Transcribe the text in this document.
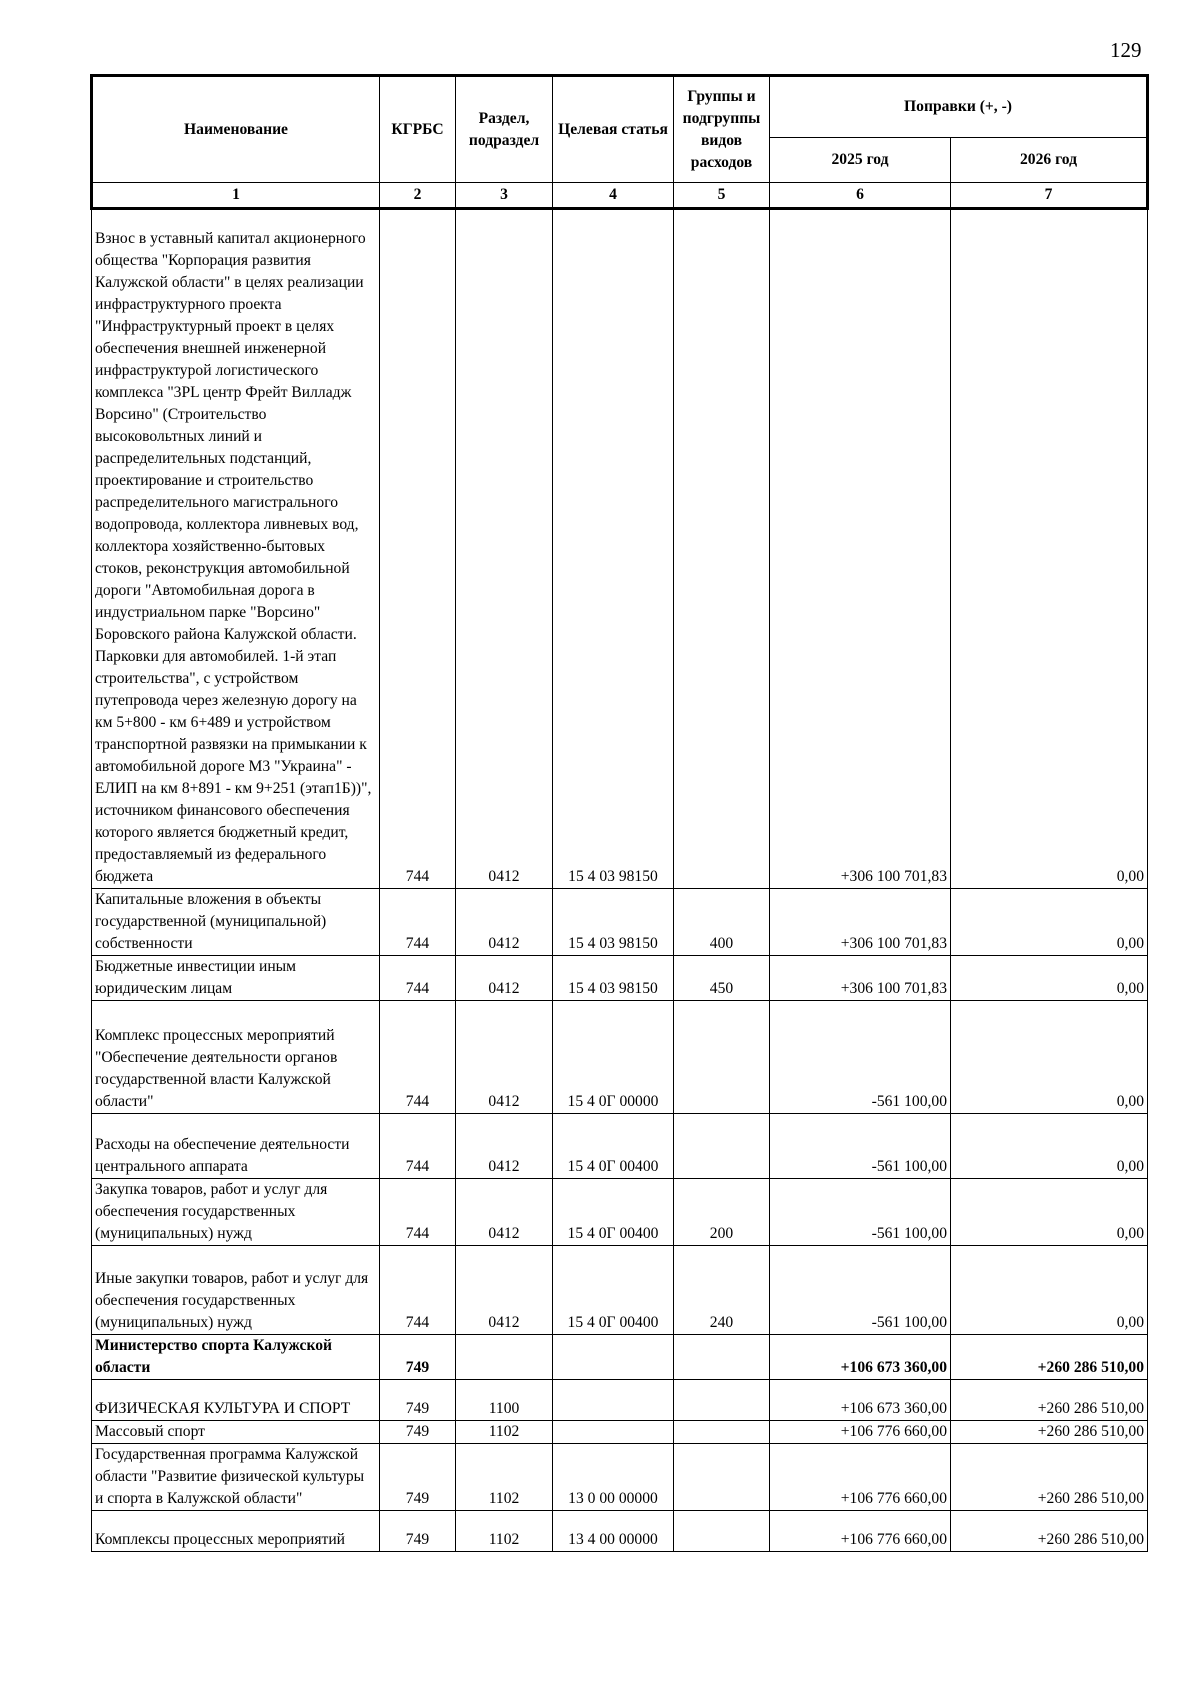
129
Наименование	КГРБС	Раздел, подраздел	Целевая статья	Группы и подгруппы видов расходов	Поправки (+, -)	
					2025 год	2026 год
1	2	3	4	5	6	7
Взнос в уставный капитал акционерного общества "Корпорация развития Калужской области" в целях реализации инфраструктурного проекта "Инфраструктурный проект в целях обеспечения внешней инженерной инфраструктурой логистического комплекса "3PL центр Фрейт Вилладж Ворсино" (Строительство высоковольтных линий и распределительных подстанций, проектирование и строительство распределительного магистрального водопровода, коллектора ливневых вод, коллектора хозяйственно-бытовых стоков, реконструкция автомобильной дороги "Автомобильная дорога в индустриальном парке "Ворсино" Боровского района Калужской области. Парковки для автомобилей. 1-й этап строительства", с устройством путепровода через железную дорогу на км 5+800 - км 6+489 и устройством транспортной развязки на примыкании к автомобильной дороге М3 "Украина" - ЕЛИП на км 8+891 - км 9+251 (этап1Б))", источником финансового обеспечения которого является бюджетный кредит, предоставляемый из федерального бюджета	744	0412	15 4 03 98150		+306 100 701,83	0,00
Капитальные вложения в объекты государственной (муниципальной) собственности	744	0412	15 4 03 98150	400	+306 100 701,83	0,00
Бюджетные инвестиции иным юридическим лицам	744	0412	15 4 03 98150	450	+306 100 701,83	0,00
Комплекс процессных мероприятий "Обеспечение деятельности органов государственной власти Калужской области"	744	0412	15 4 0Г 00000		-561 100,00	0,00
Расходы на обеспечение деятельности центрального аппарата	744	0412	15 4 0Г 00400		-561 100,00	0,00
Закупка товаров, работ и услуг для обеспечения государственных (муниципальных) нужд	744	0412	15 4 0Г 00400	200	-561 100,00	0,00
Иные закупки товаров, работ и услуг для обеспечения государственных (муниципальных) нужд	744	0412	15 4 0Г 00400	240	-561 100,00	0,00
Министерство спорта Калужской области	749				+106 673 360,00	+260 286 510,00
ФИЗИЧЕСКАЯ КУЛЬТУРА И СПОРТ	749	1100			+106 673 360,00	+260 286 510,00
Массовый спорт	749	1102			+106 776 660,00	+260 286 510,00
Государственная программа Калужской области "Развитие физической культуры и спорта в Калужской области"	749	1102	13 0 00 00000		+106 776 660,00	+260 286 510,00
Комплексы процессных мероприятий	749	1102	13 4 00 00000		+106 776 660,00	+260 286 510,00
